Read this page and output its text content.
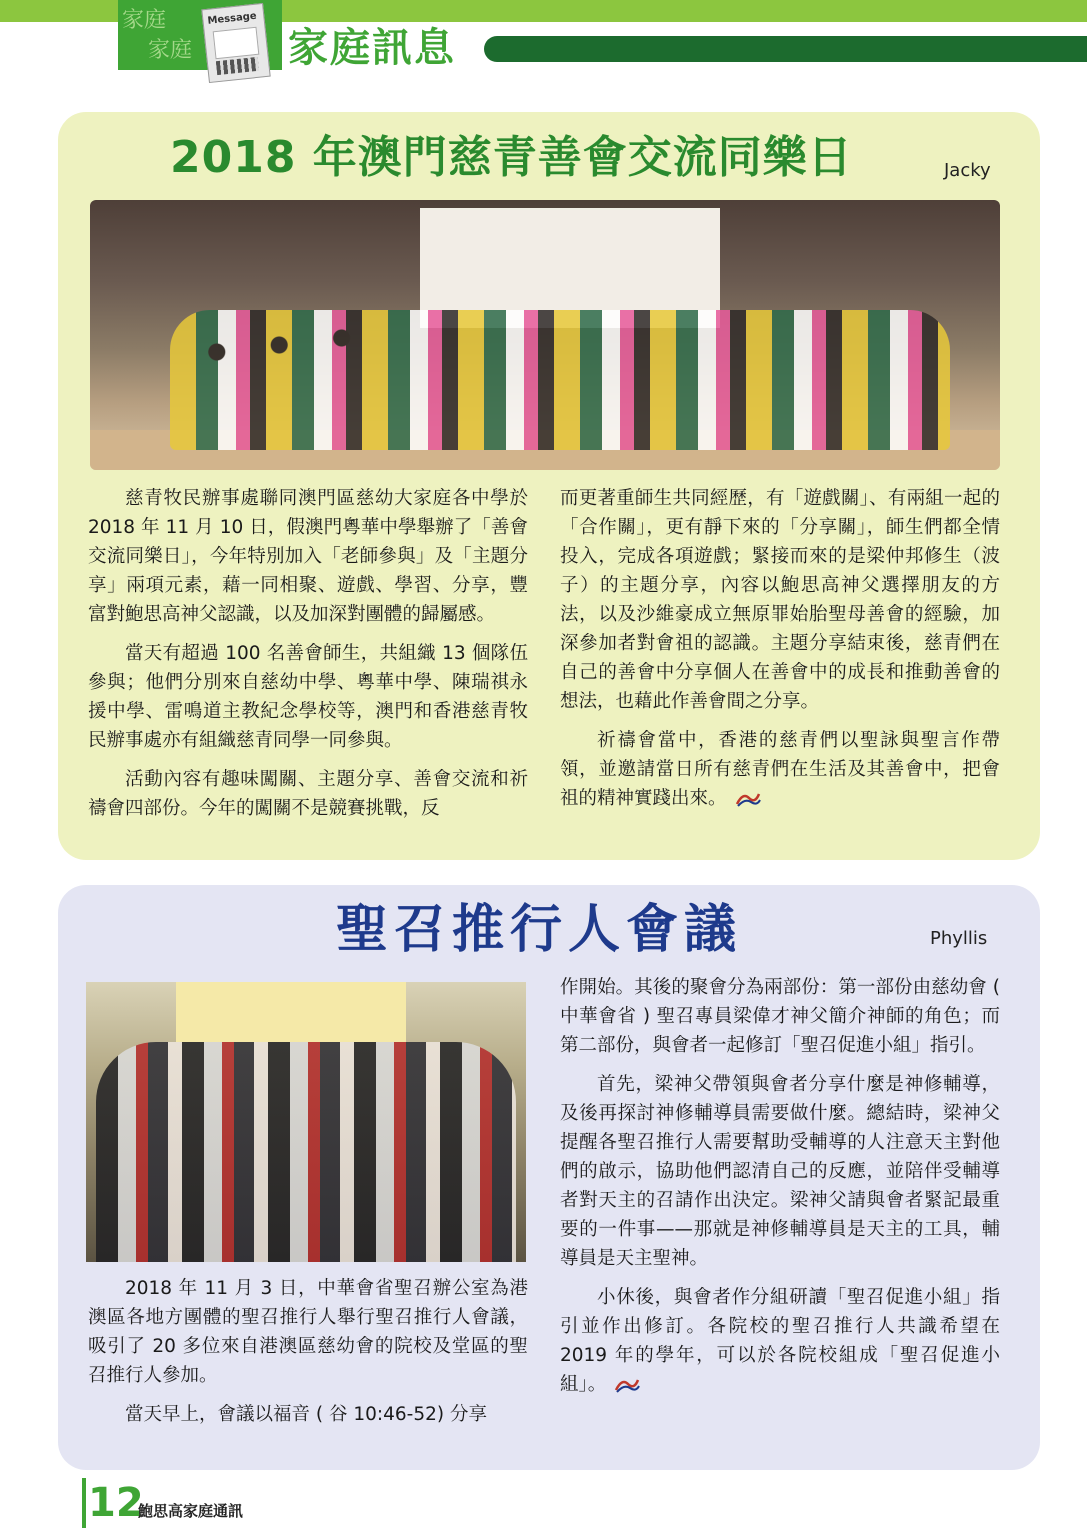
家庭
家庭
Message
家庭訊息
2018 年澳門慈青善會交流同樂日	Jacky

慈青牧民辦事處聯同澳門區慈幼大家庭各中學於 2018 年 11 月 10 日，假澳門粵華中學舉辦了「善會交流同樂日」，今年特別加入「老師參與」及「主題分享」兩項元素，藉一同相聚、遊戲、學習、分享，豐富對鮑思高神父認識，以及加深對團體的歸屬感。

當天有超過 100 名善會師生，共組織 13 個隊伍參與；他們分別來自慈幼中學、粵華中學、陳瑞祺永援中學、雷鳴道主教紀念學校等，澳門和香港慈青牧民辦事處亦有組織慈青同學一同參與。

活動內容有趣味闖關、主題分享、善會交流和祈禱會四部份。今年的闖關不是競賽挑戰，反

而更著重師生共同經歷，有「遊戲關」、有兩組一起的「合作關」，更有靜下來的「分享關」，師生們都全情投入，完成各項遊戲；緊接而來的是梁仲邦修生（波子）的主題分享，內容以鮑思高神父選擇朋友的方法，以及沙維豪成立無原罪始胎聖母善會的經驗，加深參加者對會祖的認識。主題分享結束後，慈青們在自己的善會中分享個人在善會中的成長和推動善會的想法，也藉此作善會間之分享。

祈禱會當中，香港的慈青們以聖詠與聖言作帶領，並邀請當日所有慈青們在生活及其善會中，把會祖的精神實踐出來。

聖召推行人會議	Phyllis

2018 年 11 月 3 日，中華會省聖召辦公室為港澳區各地方團體的聖召推行人舉行聖召推行人會議，吸引了 20 多位來自港澳區慈幼會的院校及堂區的聖召推行人參加。

當天早上，會議以福音 ( 谷 10:46-52) 分享

作開始。其後的聚會分為兩部份：第一部份由慈幼會 ( 中華會省 ) 聖召專員梁偉才神父簡介神師的角色；而第二部份，與會者一起修訂「聖召促進小組」指引。

首先，梁神父帶領與會者分享什麼是神修輔導，及後再探討神修輔導員需要做什麼。總結時，梁神父提醒各聖召推行人需要幫助受輔導的人注意天主對他們的啟示，協助他們認清自己的反應，並陪伴受輔導者對天主的召請作出決定。梁神父請與會者緊記最重要的一件事——那就是神修輔導員是天主的工具，輔導員是天主聖神。

小休後，與會者作分組研讀「聖召促進小組」指引並作出修訂。各院校的聖召推行人共識希望在 2019 年的學年，可以於各院校組成「聖召促進小組」。

12
鮑思高家庭通訊
